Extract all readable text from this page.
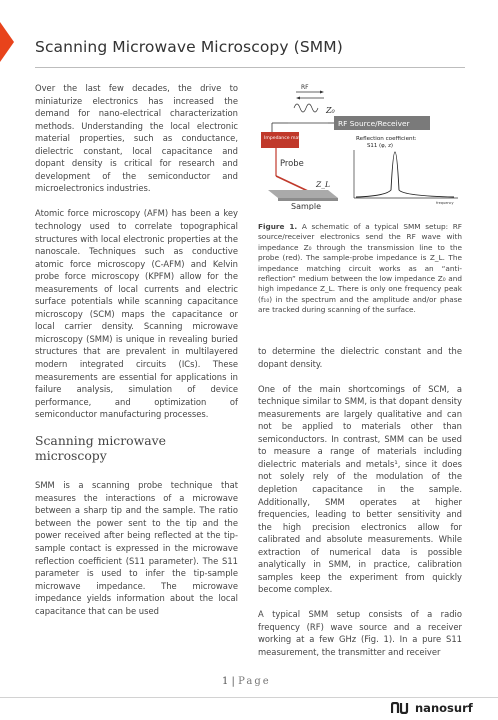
Scanning Microwave Microscopy (SMM)

Over the last few decades, the drive to miniaturize electronics has increased the demand for nano-electrical characterization methods. Understanding the local electronic material properties, such as conductance, dielectric constant, local capacitance and dopant density is critical for research and development of the semiconductor and microelectronics industries.

Atomic force microscopy (AFM) has been a key technology used to correlate topographical structures with local electronic properties at the nanoscale. Techniques such as conductive atomic force microscopy (C-AFM) and Kelvin probe force microscopy (KPFM) allow for the measurements of local currents and electric surface potentials while scanning capacitance microscopy (SCM) maps the capacitance or local carrier density. Scanning microwave microscopy (SMM) is unique in revealing buried structures that are prevalent in multilayered modern integrated circuits (ICs). These measurements are essential for applications in failure analysis, simulation of device performance, and optimization of semiconductor manufacturing processes.

Scanning microwave microscopy

SMM is a scanning probe technique that measures the interactions of a microwave between a sharp tip and the sample. The ratio between the power sent to the tip and the power received after being reflected at the tip-sample contact is expressed in the microwave reflection coefficient (S11 parameter). The S11 parameter is used to infer the tip-sample microwave impedance. The microwave impedance yields information about the local capacitance that can be used

RF
Z₀
RF Source/Receiver
Impedance matching
Probe
Z_L
Sample
Reflection coefficient:
S11 (φ, z)
frequency
Figure 1. A schematic of a typical SMM setup: RF source/receiver electronics send the RF wave with impedance Z₀ through the transmission line to the probe (red). The sample-probe impedance is Z_L. The impedance matching circuit works as an “anti-reflection” medium between the low impedance Z₀ and high impedance Z_L. There is only one frequency peak (f₁₀) in the spectrum and the amplitude and/or phase are tracked during scanning of the surface.

to determine the dielectric constant and the dopant density.

One of the main shortcomings of SCM, a technique similar to SMM, is that dopant density measurements are largely qualitative and can not be applied to materials other than semiconductors. In contrast, SMM can be used to measure a range of materials including dielectric materials and metals¹, since it does not solely rely of the modulation of the depletion capacitance in the sample. Additionally, SMM operates at higher frequencies, leading to better sensitivity and the high precision electronics allow for calibrated and absolute measurements. While extraction of numerical data is possible analytically in SMM, in practice, calibration samples keep the experiment from quickly become complex.

A typical SMM setup consists of a radio frequency (RF) wave source and a receiver working at a few GHz (Fig. 1). In a pure S11 measurement, the transmitter and receiver

1 | Page
nanosurf
